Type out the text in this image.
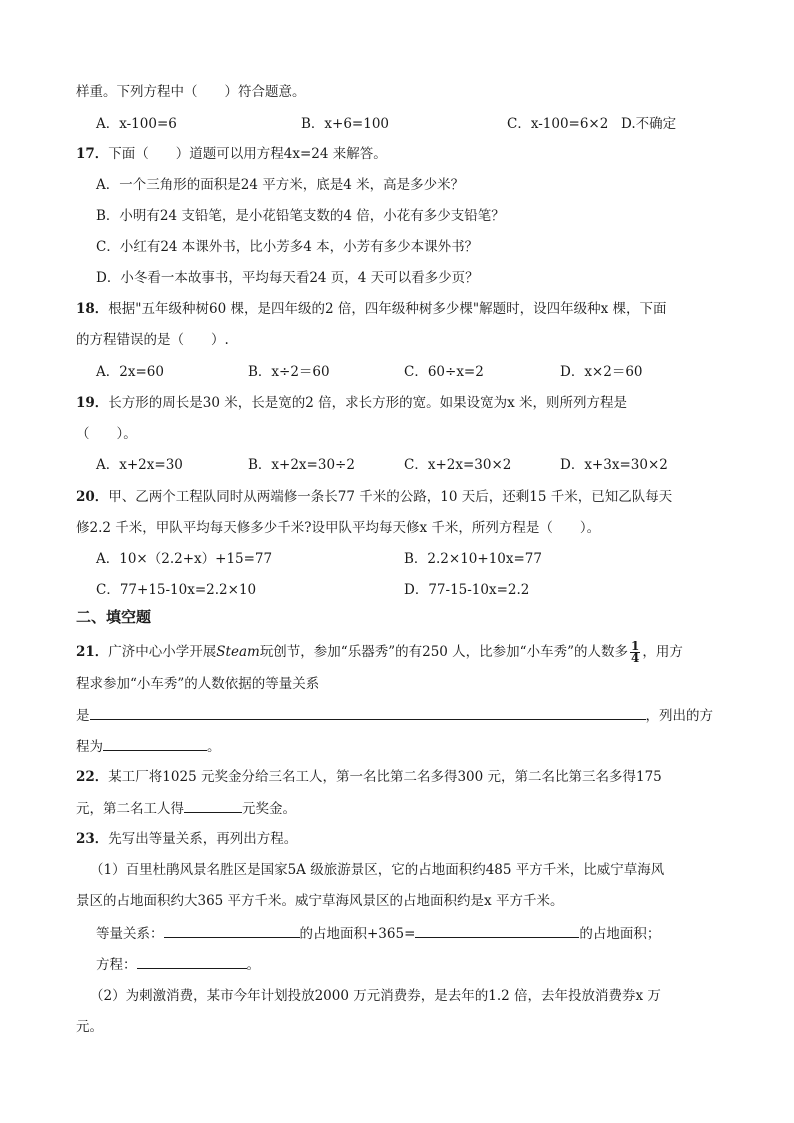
样重。下列方程中（　　）符合题意。
A．x-100=6	B．x+6=100	C．x-100=6×2 D.不确定
17．下面（　　）道题可以用方程4x=24 来解答。
A．一个三角形的面积是24 平方米，底是4 米，高是多少米？
B．小明有24 支铅笔，是小花铅笔支数的4 倍，小花有多少支铅笔？
C．小红有24 本课外书，比小芳多4 本，小芳有多少本课外书？
D．小冬看一本故事书，平均每天看24 页，4 天可以看多少页？
18．根据"五年级种树60 棵，是四年级的2 倍，四年级种树多少棵"解题时，设四年级种x 棵，下面
的方程错误的是（　　）.
A．2x=60	B．x÷2＝60	C．60÷x=2	D．x×2＝60
19．长方形的周长是30 米，长是宽的2 倍，求长方形的宽。如果设宽为x 米，则所列方程是
（　　）。
A．x+2x=30	B．x+2x=30÷2	C．x+2x=30×2	D．x+3x=30×2
20．甲、乙两个工程队同时从两端修一条长77 千米的公路，10 天后，还剩15 千米，已知乙队每天
修2.2 千米，甲队平均每天修多少千米?设甲队平均每天修x 千米，所列方程是（　　）。
A．10×（2.2+x）+15=77	B．2.2×10+10x=77
C．77+15-10x=2.2×10	D．77-15-10x=2.2
二、填空题
21．广济中心小学开展Steam玩创节，参加“乐器秀”的有250 人，比参加“小车秀”的人数多 $\frac{1}{4}$ ，用方
程求参加“小车秀”的人数依据的等量关系
是	，列出的方
程为	。
22．某工厂将1025 元奖金分给三名工人，第一名比第二名多得300 元，第二名比第三名多得175
元，第二名工人得	元奖金。
23．先写出等量关系，再列出方程。
（1）百里杜鹃风景名胜区是国家5A 级旅游景区，它的占地面积约485 平方千米，比威宁草海风
景区的占地面积约大365 平方千米。威宁草海风景区的占地面积约是x 平方千米。
等量关系：	的占地面积+365=	的占地面积；
方程：	。
（2）为刺激消费，某市今年计划投放2000 万元消费券，是去年的1.2 倍，去年投放消费券x 万
元。
